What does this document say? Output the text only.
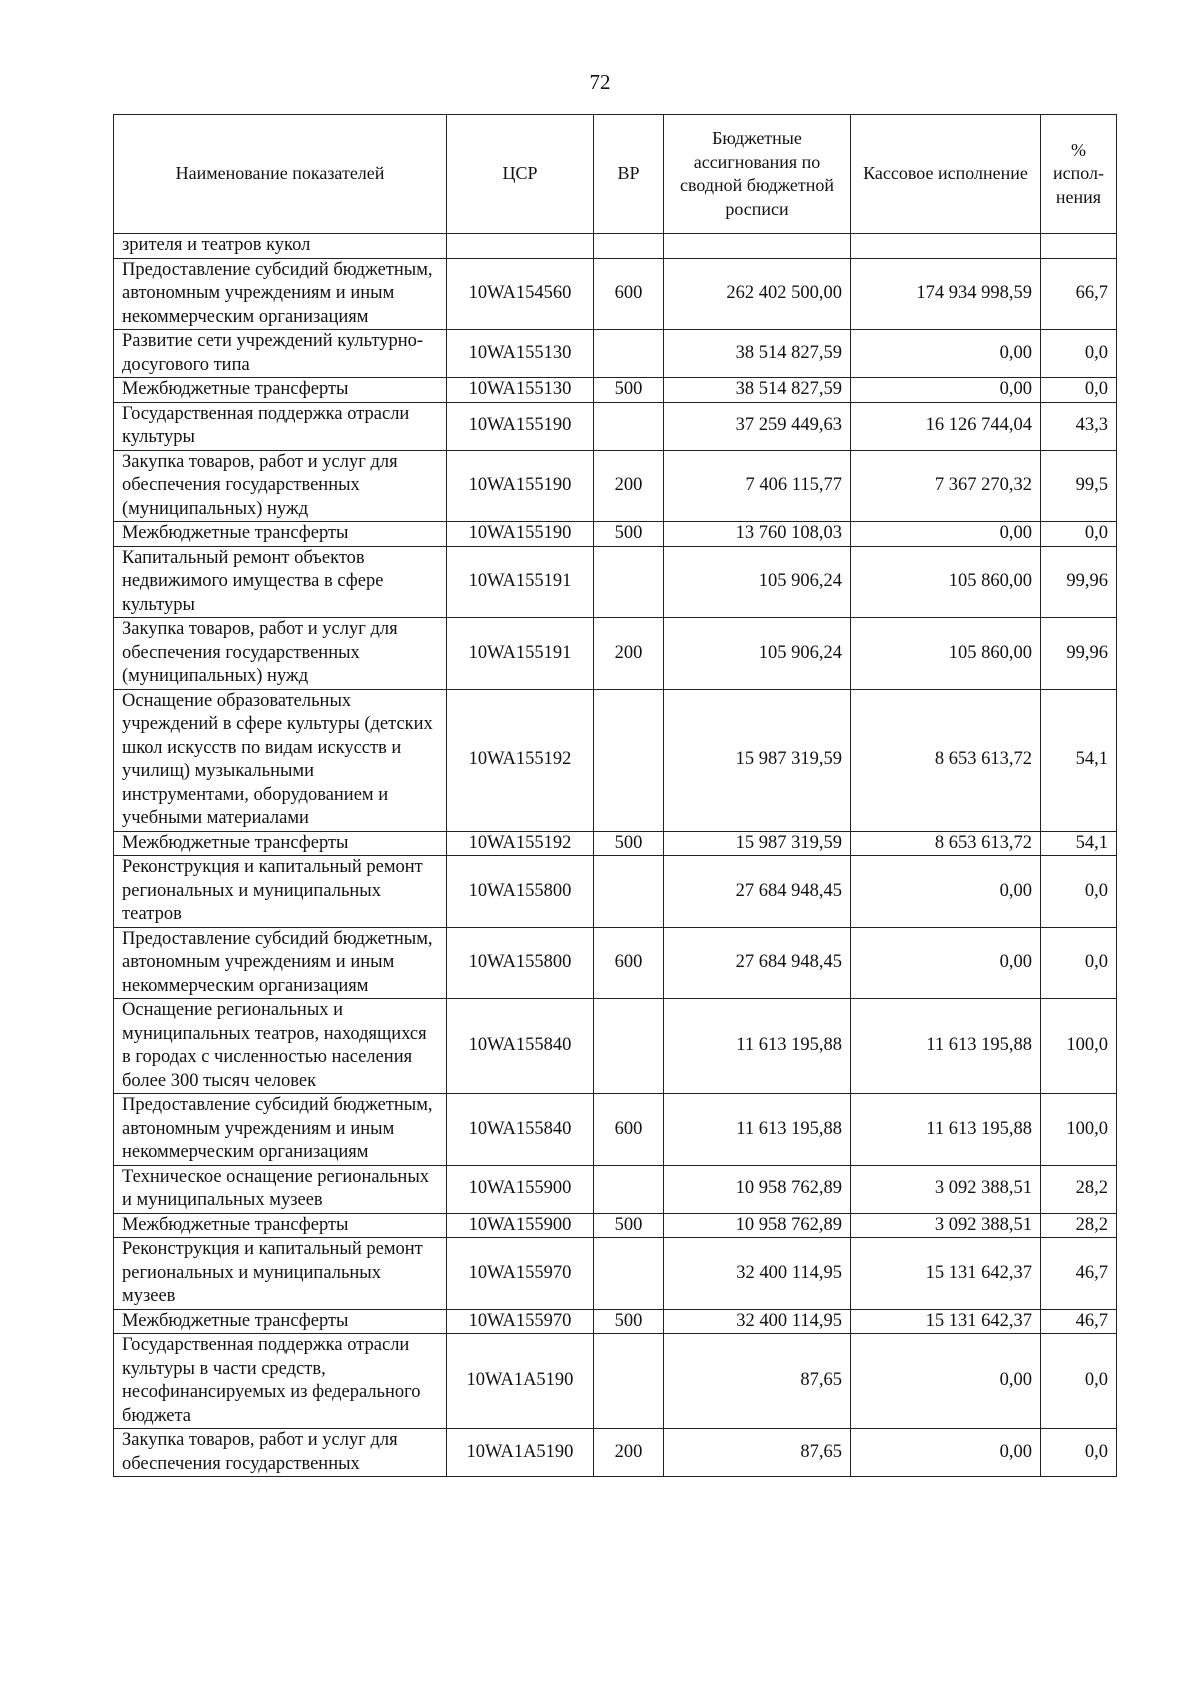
72
Наименование показателей	ЦСР	ВР	Бюджетные ассигнования по сводной бюджетной росписи	Кассовое исполнение	% испол-нения
зрителя и театров кукол					
Предоставление субсидий бюджетным, автономным учреждениям и иным некоммерческим организациям	10WA154560	600	262 402 500,00	174 934 998,59	66,7
Развитие сети учреждений культурно-досугового типа	10WA155130		38 514 827,59	0,00	0,0
Межбюджетные трансферты	10WA155130	500	38 514 827,59	0,00	0,0
Государственная поддержка отрасли культуры	10WA155190		37 259 449,63	16 126 744,04	43,3
Закупка товаров, работ и услуг для обеспечения государственных (муниципальных) нужд	10WA155190	200	7 406 115,77	7 367 270,32	99,5
Межбюджетные трансферты	10WA155190	500	13 760 108,03	0,00	0,0
Капитальный ремонт объектов недвижимого имущества в сфере культуры	10WA155191		105 906,24	105 860,00	99,96
Закупка товаров, работ и услуг для обеспечения государственных (муниципальных) нужд	10WA155191	200	105 906,24	105 860,00	99,96
Оснащение образовательных учреждений в сфере культуры (детских школ искусств по видам искусств и училищ) музыкальными инструментами, оборудованием и учебными материалами	10WA155192		15 987 319,59	8 653 613,72	54,1
Межбюджетные трансферты	10WA155192	500	15 987 319,59	8 653 613,72	54,1
Реконструкция и капитальный ремонт региональных и муниципальных театров	10WA155800		27 684 948,45	0,00	0,0
Предоставление субсидий бюджетным, автономным учреждениям и иным некоммерческим организациям	10WA155800	600	27 684 948,45	0,00	0,0
Оснащение региональных и муниципальных театров, находящихся в городах с численностью населения более 300 тысяч человек	10WA155840		11 613 195,88	11 613 195,88	100,0
Предоставление субсидий бюджетным, автономным учреждениям и иным некоммерческим организациям	10WA155840	600	11 613 195,88	11 613 195,88	100,0
Техническое оснащение региональных и муниципальных музеев	10WA155900		10 958 762,89	3 092 388,51	28,2
Межбюджетные трансферты	10WA155900	500	10 958 762,89	3 092 388,51	28,2
Реконструкция и капитальный ремонт региональных и муниципальных музеев	10WA155970		32 400 114,95	15 131 642,37	46,7
Межбюджетные трансферты	10WA155970	500	32 400 114,95	15 131 642,37	46,7
Государственная поддержка отрасли культуры в части средств, несофинансируемых из федерального бюджета	10WA1A5190		87,65	0,00	0,0
Закупка товаров, работ и услуг для обеспечения государственных	10WA1A5190	200	87,65	0,00	0,0
